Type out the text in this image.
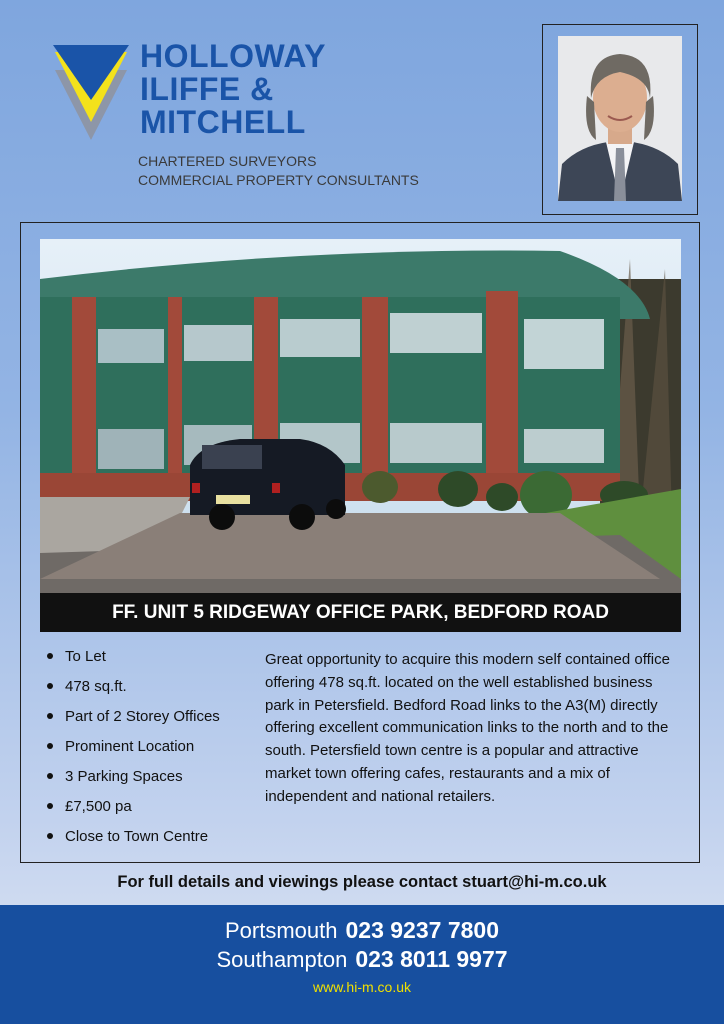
HOLLOWAY
ILIFFE &
MITCHELL
CHARTERED SURVEYORS
COMMERCIAL PROPERTY CONSULTANTS
FF. UNIT 5 RIDGEWAY OFFICE PARK, BEDFORD ROAD
To Let
478 sq.ft.
Part of 2 Storey Offices
Prominent Location
3 Parking Spaces
£7,500 pa
Close to Town Centre
Great opportunity to acquire this modern self contained office offering 478 sq.ft. located on the well established business park in Petersfield. Bedford Road links to the A3(M) directly offering excellent communication links to the north and to the south. Petersfield town centre is a popular and attractive market town offering cafes, restaurants and a mix of independent and national retailers.
For full details and viewings please contact stuart@hi-m.co.uk
Portsmouth 023 9237 7800
Southampton 023 8011 9977
www.hi-m.co.uk
